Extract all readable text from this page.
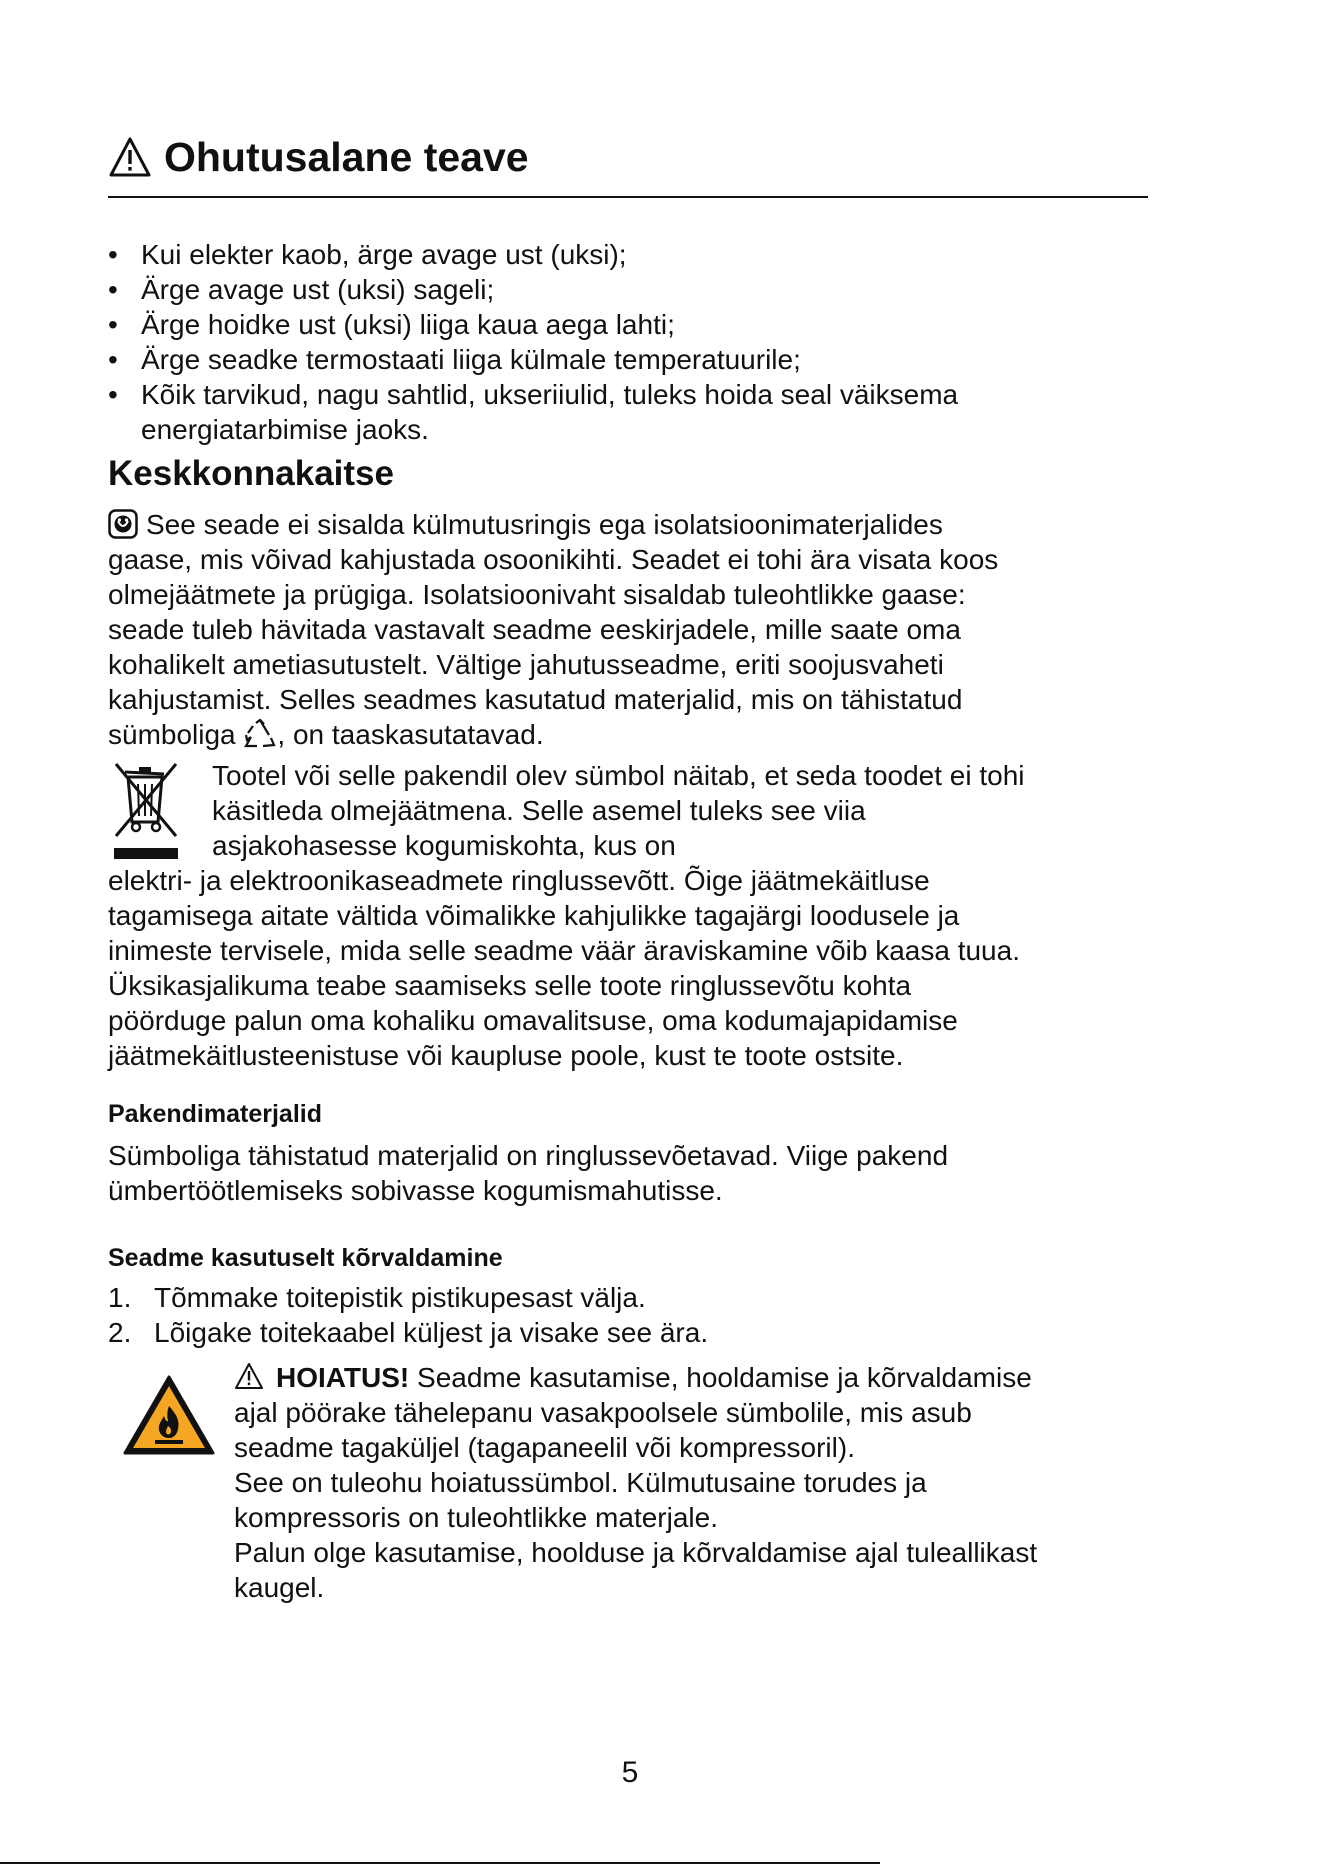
Ohutusalane teave
• Kui elekter kaob, ärge avage ust (uksi);
• Ärge avage ust (uksi) sageli;
• Ärge hoidke ust (uksi) liiga kaua aega lahti;
• Ärge seadke termostaati liiga külmale temperatuurile;
• Kõik tarvikud, nagu sahtlid, ukseriiulid, tuleks hoida seal väiksema
energiatarbimise jaoks.
Keskkonnakaitse
See seade ei sisalda külmutusringis ega isolatsioonimaterjalides
gaase, mis võivad kahjustada osoonikihti. Seadet ei tohi ära visata koos
olmejäätmete ja prügiga. Isolatsioonivaht sisaldab tuleohtlikke gaase:
seade tuleb hävitada vastavalt seadme eeskirjadele, mille saate oma
kohalikelt ametiasutustelt. Vältige jahutusseadme, eriti soojusvaheti
kahjustamist. Selles seadmes kasutatud materjalid, mis on tähistatud
sümboliga , on taaskasutatavad.
Tootel või selle pakendil olev sümbol näitab, et seda toodet ei tohi
käsitleda olmejäätmena. Selle asemel tuleks see viia
asjakohasesse kogumiskohta, kus on
elektri- ja elektroonikaseadmete ringlussevõtt. Õige jäätmekäitluse
tagamisega aitate vältida võimalikke kahjulikke tagajärgi loodusele ja
inimeste tervisele, mida selle seadme väär äraviskamine võib kaasa tuua.
Üksikasjalikuma teabe saamiseks selle toote ringlussevõtu kohta
pöörduge palun oma kohaliku omavalitsuse, oma kodumajapidamise
jäätmekäitlusteenistuse või kaupluse poole, kust te toote ostsite.
Pakendimaterjalid
Sümboliga tähistatud materjalid on ringlussevõetavad. Viige pakend
ümbertöötlemiseks sobivasse kogumismahutisse.
Seadme kasutuselt kõrvaldamine
1. Tõmmake toitepistik pistikupesast välja.
2. Lõigake toitekaabel küljest ja visake see ära.
HOIATUS! Seadme kasutamise, hooldamise ja kõrvaldamise
ajal pöörake tähelepanu vasakpoolsele sümbolile, mis asub
seadme tagaküljel (tagapaneelil või kompressoril).
See on tuleohu hoiatussümbol. Külmutusaine torudes ja
kompressoris on tuleohtlikke materjale.
Palun olge kasutamise, hoolduse ja kõrvaldamise ajal tuleallikast
kaugel.
5
